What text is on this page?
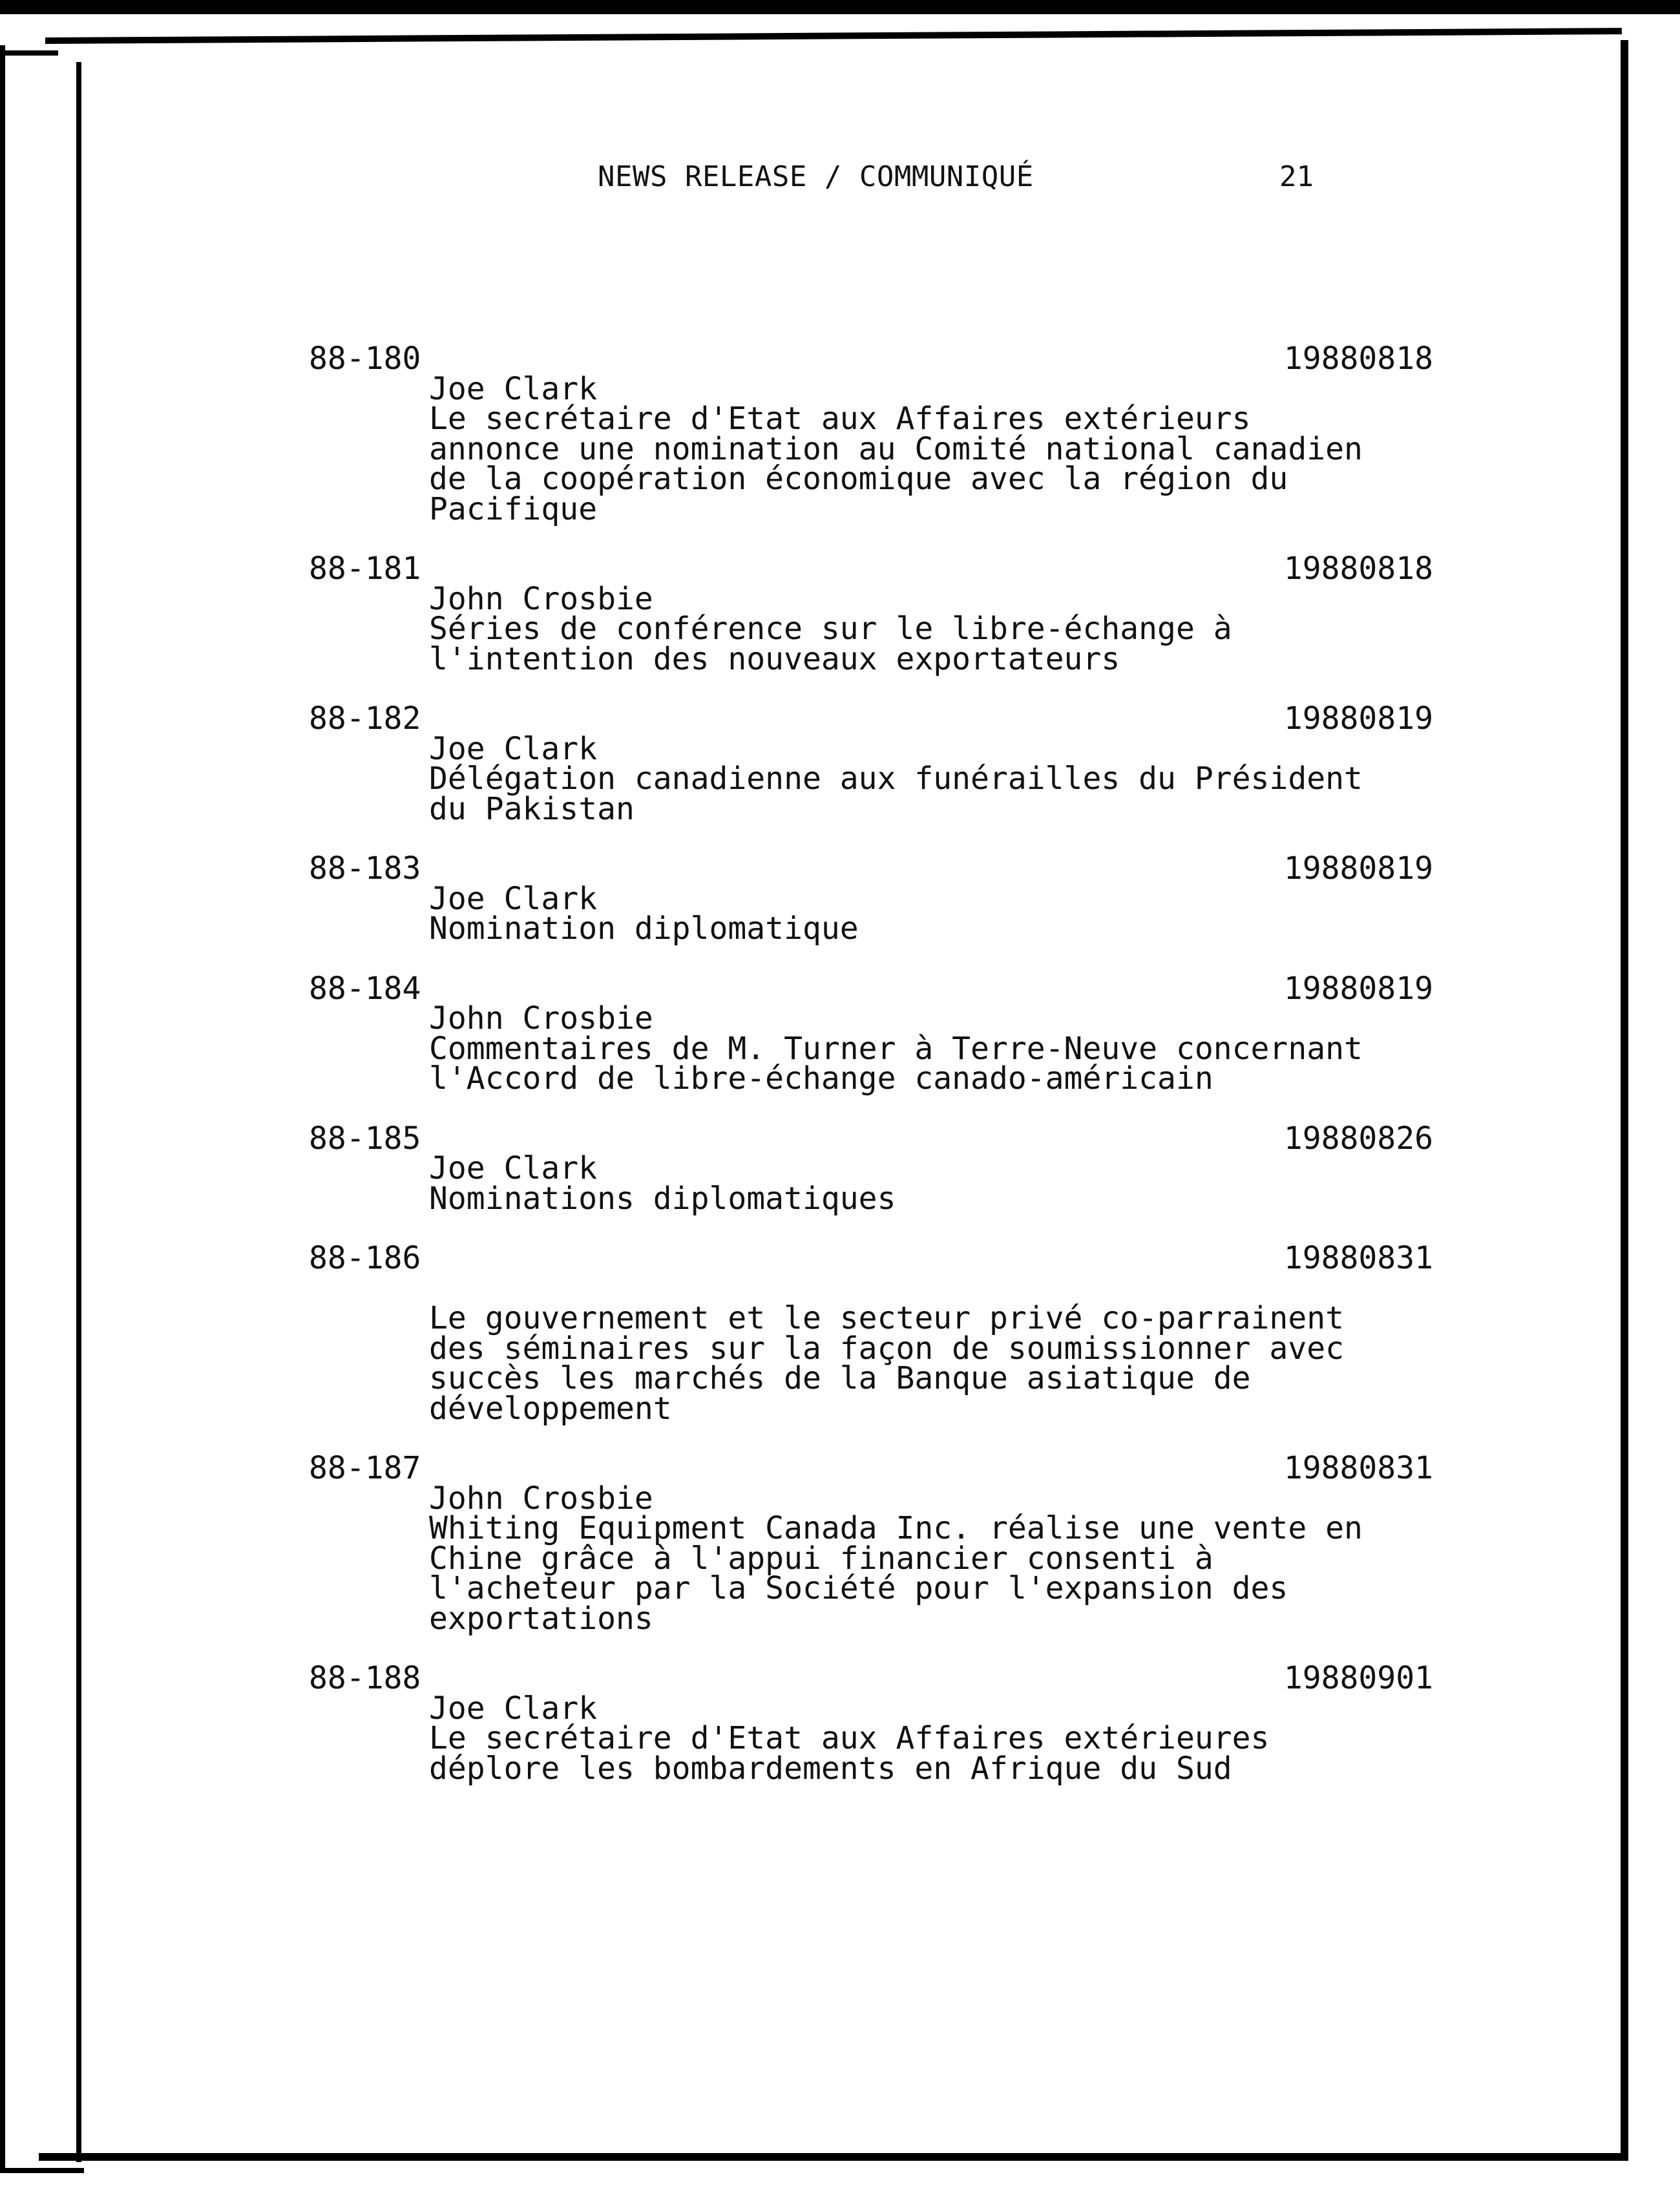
NEWS RELEASE / COMMUNIQUÉ	21
88-180	19880818
Joe Clark
Le secrétaire d'Etat aux Affaires extérieurs
annonce une nomination au Comité national canadien
de la coopération économique avec la région du
Pacifique
88-181	19880818
John Crosbie
Séries de conférence sur le libre-échange à
l'intention des nouveaux exportateurs
88-182	19880819
Joe Clark
Délégation canadienne aux funérailles du Président
du Pakistan
88-183	19880819
Joe Clark
Nomination diplomatique
88-184	19880819
John Crosbie
Commentaires de M. Turner à Terre-Neuve concernant
l'Accord de libre-échange canado-américain
88-185	19880826
Joe Clark
Nominations diplomatiques
88-186	19880831
Le gouvernement et le secteur privé co-parrainent
des séminaires sur la façon de soumissionner avec
succès les marchés de la Banque asiatique de
développement
88-187	19880831
John Crosbie
Whiting Equipment Canada Inc. réalise une vente en
Chine grâce à l'appui financier consenti à
l'acheteur par la Société pour l'expansion des
exportations
88-188	19880901
Joe Clark
Le secrétaire d'Etat aux Affaires extérieures
déplore les bombardements en Afrique du Sud
